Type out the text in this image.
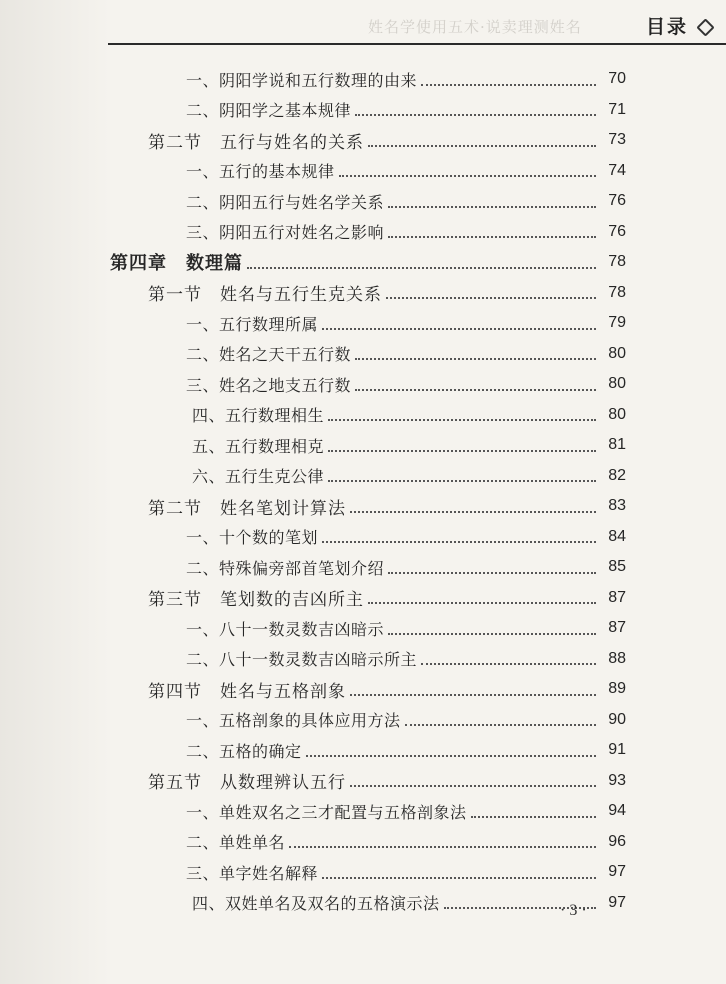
姓名学使用五术·说卖理测姓名	目录
一、阴阳学说和五行数理的由来	70
二、阴阳学之基本规律	71
第二节　五行与姓名的关系	73
一、五行的基本规律	74
二、阴阳五行与姓名学关系	76
三、阴阳五行对姓名之影响	76
第四章　数理篇	78
第一节　姓名与五行生克关系	78
一、五行数理所属	79
二、姓名之天干五行数	80
三、姓名之地支五行数	80
四、五行数理相生	80
五、五行数理相克	81
六、五行生克公律	82
第二节　姓名笔划计算法	83
一、十个数的笔划	84
二、特殊偏旁部首笔划介绍	85
第三节　笔划数的吉凶所主	87
一、八十一数灵数吉凶暗示	87
二、八十一数灵数吉凶暗示所主	88
第四节　姓名与五格剖象	89
一、五格剖象的具体应用方法	90
二、五格的确定	91
第五节　从数理辨认五行	93
一、单姓双名之三才配置与五格剖象法	94
二、单姓单名	96
三、单字姓名解释	97
四、双姓单名及双名的五格演示法	97
· 3 ·
